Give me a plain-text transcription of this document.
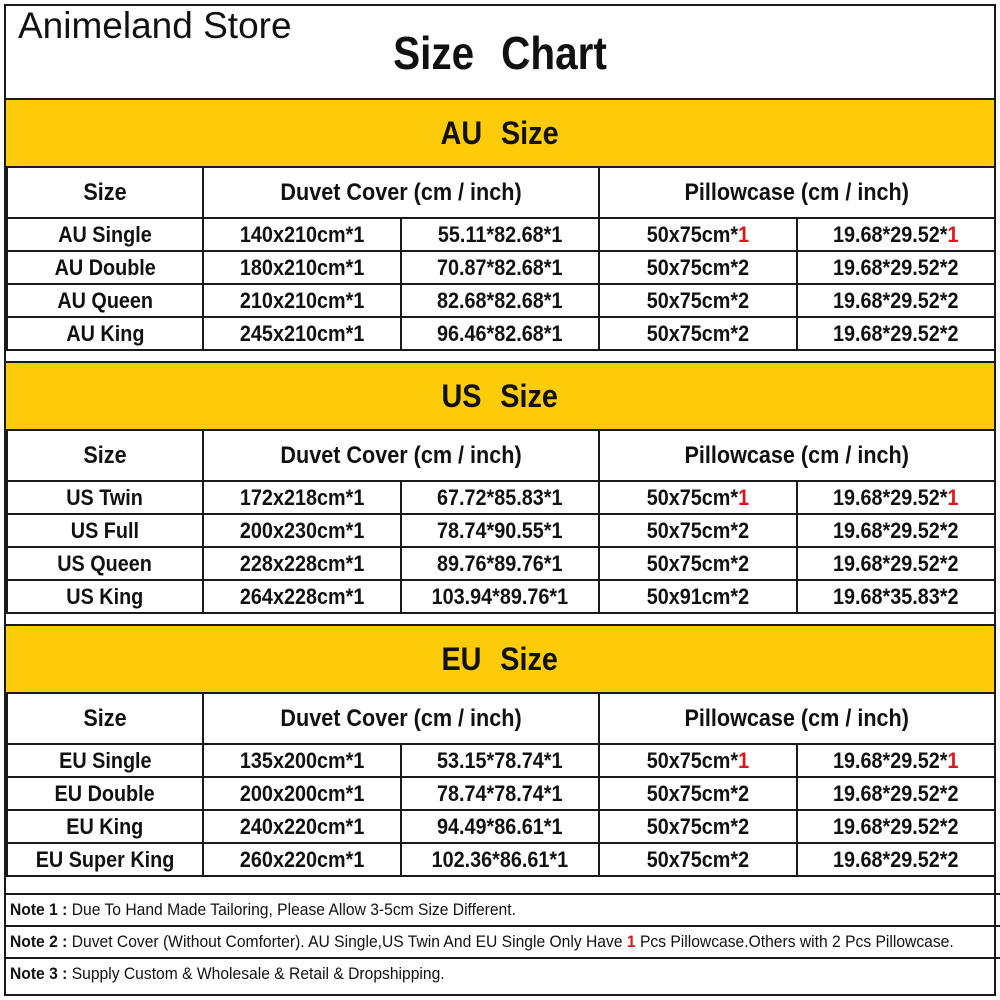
Animeland Store
Size Chart
AU Size
Size	Duvet Cover (cm / inch)		Pillowcase (cm / inch)	
AU Single	140x210cm*1	55.11*82.68*1	50x75cm*1	19.68*29.52*1
AU Double	180x210cm*1	70.87*82.68*1	50x75cm*2	19.68*29.52*2
AU Queen	210x210cm*1	82.68*82.68*1	50x75cm*2	19.68*29.52*2
AU King	245x210cm*1	96.46*82.68*1	50x75cm*2	19.68*29.52*2
US Size
Size	Duvet Cover (cm / inch)		Pillowcase (cm / inch)	
US Twin	172x218cm*1	67.72*85.83*1	50x75cm*1	19.68*29.52*1
US Full	200x230cm*1	78.74*90.55*1	50x75cm*2	19.68*29.52*2
US Queen	228x228cm*1	89.76*89.76*1	50x75cm*2	19.68*29.52*2
US King	264x228cm*1	103.94*89.76*1	50x91cm*2	19.68*35.83*2
EU Size
Size	Duvet Cover (cm / inch)		Pillowcase (cm / inch)	
EU Single	135x200cm*1	53.15*78.74*1	50x75cm*1	19.68*29.52*1
EU Double	200x200cm*1	78.74*78.74*1	50x75cm*2	19.68*29.52*2
EU King	240x220cm*1	94.49*86.61*1	50x75cm*2	19.68*29.52*2
EU Super King	260x220cm*1	102.36*86.61*1	50x75cm*2	19.68*29.52*2
Note 1 : Due To Hand Made Tailoring, Please Allow 3-5cm Size Different.
Note 2 : Duvet Cover (Without Comforter). AU Single,US Twin And EU Single Only Have 1 Pcs Pillowcase.Others with 2 Pcs Pillowcase.
Note 3 : Supply Custom & Wholesale & Retail & Dropshipping.
